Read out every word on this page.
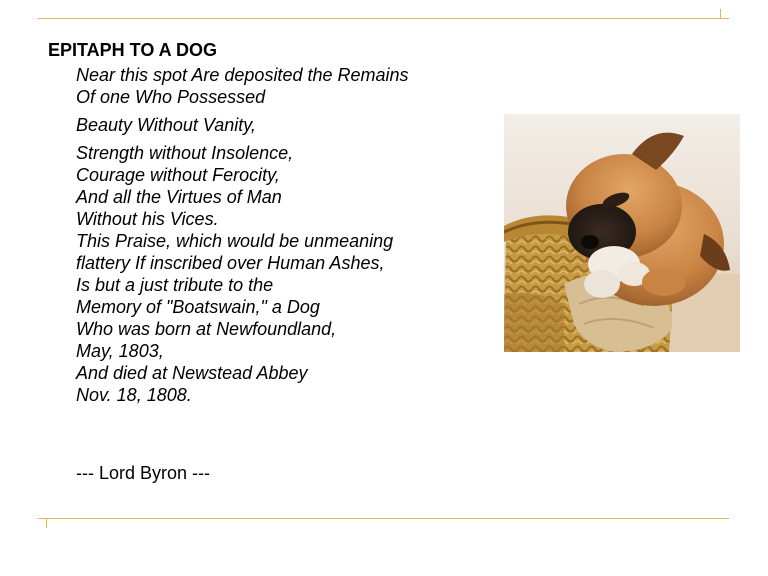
EPITAPH TO A DOG
Near this spot Are deposited the Remains
Of one Who Possessed
Beauty Without Vanity,
Strength without Insolence,
Courage without Ferocity,
And all the Virtues of Man
Without his Vices.
This Praise, which would be unmeaning
flattery If inscribed over Human Ashes,
Is but a just tribute to the
Memory of "Boatswain," a Dog
Who was born at Newfoundland,
May, 1803,
And died at Newstead Abbey
Nov. 18, 1808.
--- Lord Byron ---
